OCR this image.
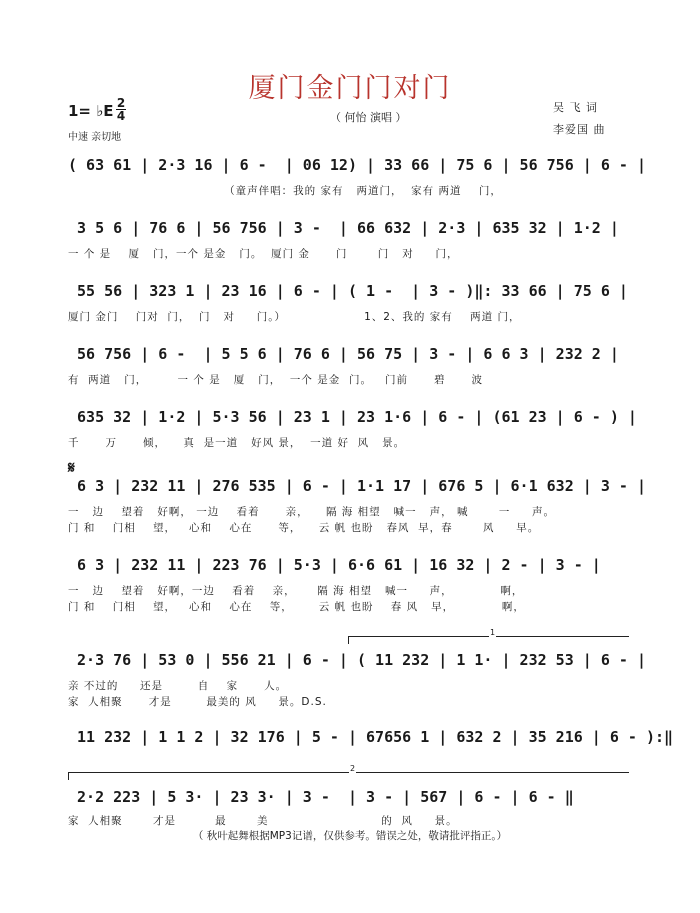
厦门金门门对门
（ 何怡 演唱 ）
吴 飞 词
李爱国 曲
1= ♭E 2
4
中速 亲切地
( 63 61 | 2·3 16 | 6 -  | 06 12) | 33 66 | 75 6 | 56 756 | 6 - |
（童声伴唱：我的 家有   两道门，  家有 两道    门，
3 5 6 | 76 6 | 56 756 | 3 -  | 66 632 | 2·3 | 635 32 | 1·2 |
一 个 是    厦   门，一个 是金   门。  厦门 金      门       门   对     门，
55 56 | 323 1 | 23 16 | 6 - | ( 1 -  | 3 - )‖: 33 66 | 75 6 |
厦门 金门    门对  门，  门   对     门。）                  1、2、我的 家有    两道 门，
56 756 | 6 -  | 5 5 6 | 76 6 | 56 75 | 3 - | 6 6 3 | 232 2 |
有  两道   门，       一 个 是   厦   门，  一个 是金  门。   门前      碧      波
635 32 | 1·2 | 5·3 56 | 23 1 | 23 1·6 | 6 - | (61 23 | 6 - ) |
千      万      倾，    真  是一道   好风 景，  一道 好  风   景。
𝄋
6 3 | 232 11 | 276 535 | 6 - | 1·1 17 | 676 5 | 6·1 632 | 3 - |
一   边    望着   好啊， 一边    看着      亲，    隔 海 相望   喊一   声， 喊       一     声。
门 和    门相    望，   心和    心在      等，    云 帆 也盼   春风  早，春       风     早。
6 3 | 232 11 | 223 76 | 5·3 | 6·6 61 | 16 32 | 2 - | 3 - |
一   边    望着   好啊，一边    看着    亲，     隔 海 相望   喊一     声，           啊，
门 和    门相    望，   心和    心在    等，      云 帆 也盼    春 风   早，           啊，
1
2·3 76 | 53 0 | 556 21 | 6 - | ( 11 232 | 1 1· | 232 53 | 6 - |
亲 不过的     还是        自    家      人。
家  人相聚      才是        最美的 风     景。D.S.
11 232 | 1 1 2 | 32 176 | 5 - | 67656 1 | 632 2 | 35 216 | 6 - ):‖
2
2·2 223 | 5 3· | 23 3· | 3 -  | 3 - | 567 | 6 - | 6 - ‖
家  人相聚       才是         最       美                          的  风     景。
（ 秋叶起舞根据MP3记谱，仅供参考。错误之处，敬请批评指正。）
